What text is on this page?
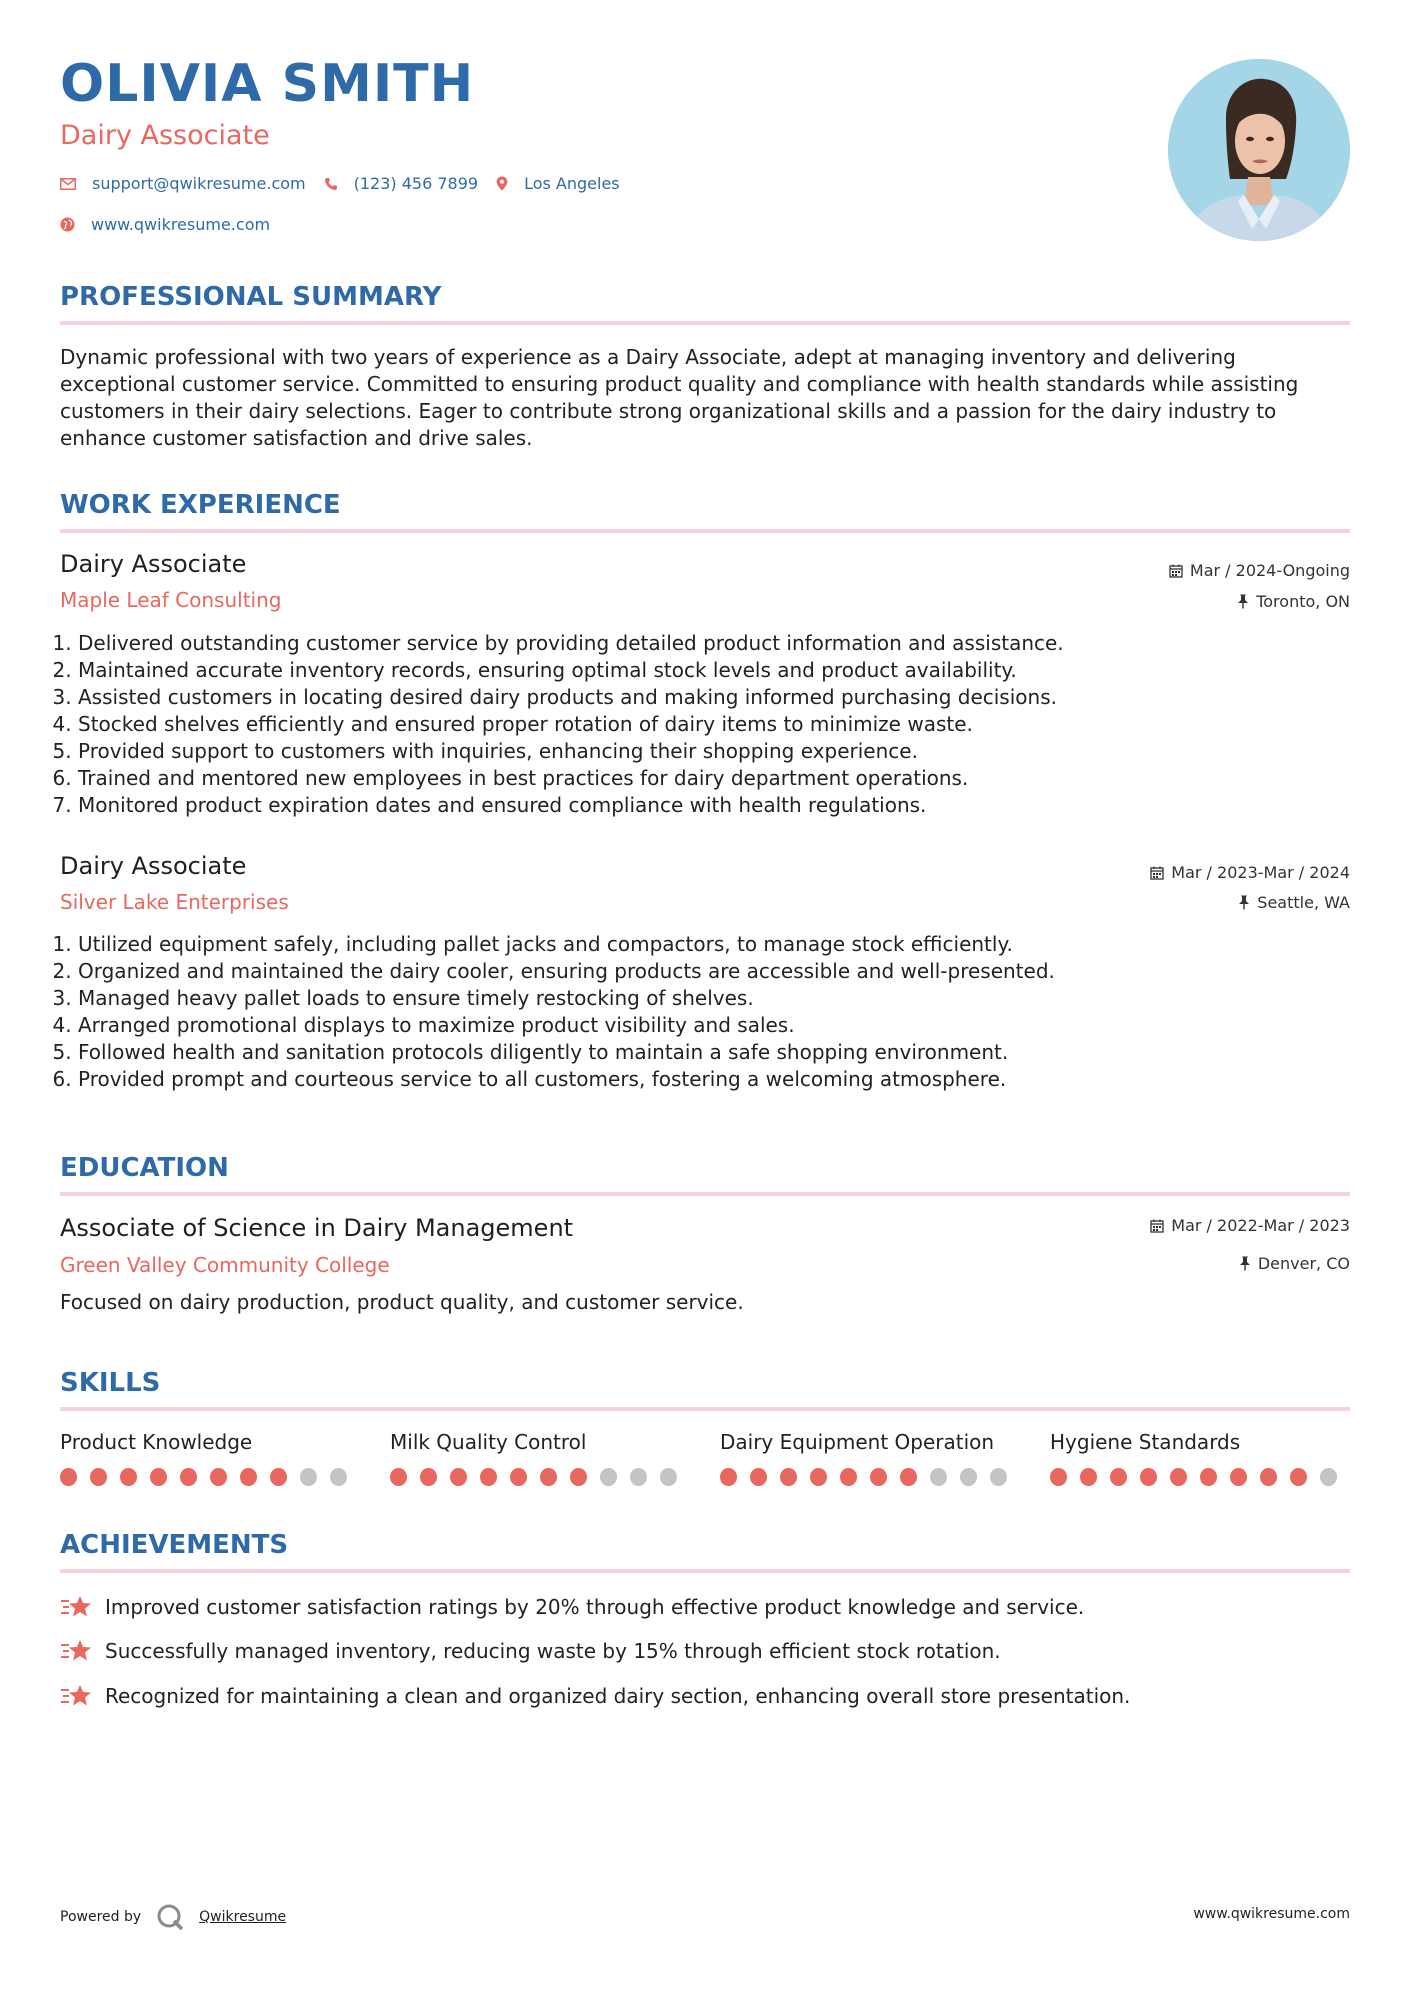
OLIVIA SMITH
Dairy Associate
support@qwikresume.com	(123) 456 7899	Los Angeles
www.qwikresume.com
PROFESSIONAL SUMMARY

Dynamic professional with two years of experience as a Dairy Associate, adept at managing inventory and delivering exceptional customer service. Committed to ensuring product quality and compliance with health standards while assisting customers in their dairy selections. Eager to contribute strong organizational skills and a passion for the dairy industry to enhance customer satisfaction and drive sales.

WORK EXPERIENCE
Dairy Associate
Maple Leaf Consulting
Mar / 2024-Ongoing
Toronto, ON
1. Delivered outstanding customer service by providing detailed product information and assistance.
2. Maintained accurate inventory records, ensuring optimal stock levels and product availability.
3. Assisted customers in locating desired dairy products and making informed purchasing decisions.
4. Stocked shelves efficiently and ensured proper rotation of dairy items to minimize waste.
5. Provided support to customers with inquiries, enhancing their shopping experience.
6. Trained and mentored new employees in best practices for dairy department operations.
7. Monitored product expiration dates and ensured compliance with health regulations.
Dairy Associate
Silver Lake Enterprises
Mar / 2023-Mar / 2024
Seattle, WA
1. Utilized equipment safely, including pallet jacks and compactors, to manage stock efficiently.
2. Organized and maintained the dairy cooler, ensuring products are accessible and well-presented.
3. Managed heavy pallet loads to ensure timely restocking of shelves.
4. Arranged promotional displays to maximize product visibility and sales.
5. Followed health and sanitation protocols diligently to maintain a safe shopping environment.
6. Provided prompt and courteous service to all customers, fostering a welcoming atmosphere.
EDUCATION
Associate of Science in Dairy Management
Green Valley Community College
Mar / 2022-Mar / 2023
Denver, CO
Focused on dairy production, product quality, and customer service.
SKILLS
Product Knowledge	Milk Quality Control	Dairy Equipment Operation	Hygiene Standards
ACHIEVEMENTS
Improved customer satisfaction ratings by 20% through effective product knowledge and service.
Successfully managed inventory, reducing waste by 15% through efficient stock rotation.
Recognized for maintaining a clean and organized dairy section, enhancing overall store presentation.
Powered by	Qwikresume	www.qwikresume.com
